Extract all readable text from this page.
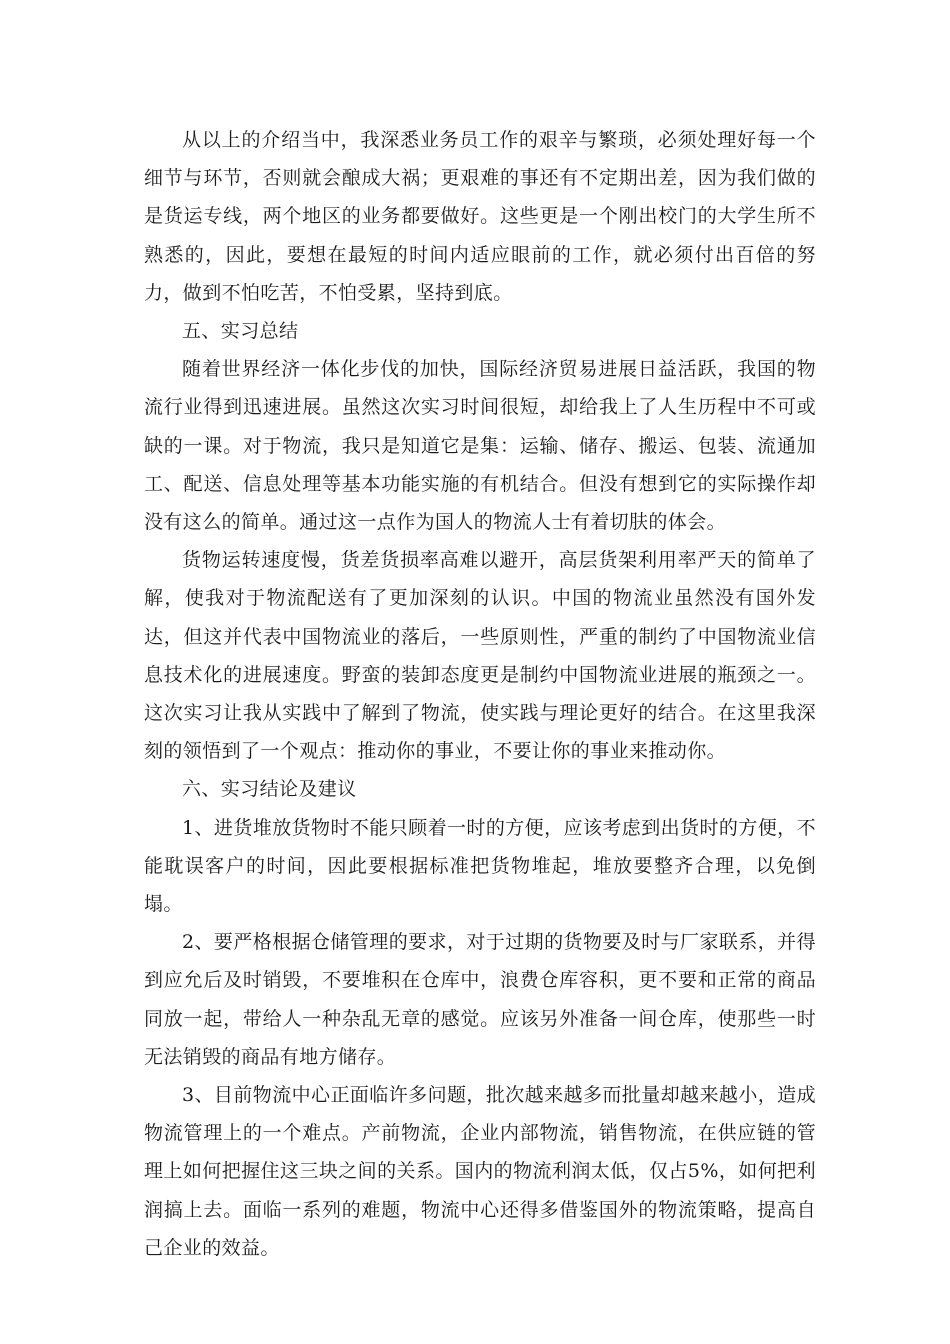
从以上的介绍当中，我深悉业务员工作的艰辛与繁琐，必须处理好每一个细节与环节，否则就会酿成大祸；更艰难的事还有不定期出差，因为我们做的是货运专线，两个地区的业务都要做好。这些更是一个刚出校门的大学生所不熟悉的，因此，要想在最短的时间内适应眼前的工作，就必须付出百倍的努力，做到不怕吃苦，不怕受累，坚持到底。

五、实习总结

随着世界经济一体化步伐的加快，国际经济贸易进展日益活跃，我国的物流行业得到迅速进展。虽然这次实习时间很短，却给我上了人生历程中不可或缺的一课。对于物流，我只是知道它是集：运输、储存、搬运、包装、流通加工、配送、信息处理等基本功能实施的有机结合。但没有想到它的实际操作却没有这么的简单。通过这一点作为国人的物流人士有着切肤的体会。

货物运转速度慢，货差货损率高难以避开，高层货架利用率严天的简单了解，使我对于物流配送有了更加深刻的认识。中国的物流业虽然没有国外发达，但这并代表中国物流业的落后，一些原则性，严重的制约了中国物流业信息技术化的进展速度。野蛮的装卸态度更是制约中国物流业进展的瓶颈之一。这次实习让我从实践中了解到了物流，使实践与理论更好的结合。在这里我深刻的领悟到了一个观点：推动你的事业，不要让你的事业来推动你。

六、实习结论及建议

1、进货堆放货物时不能只顾着一时的方便，应该考虑到出货时的方便，不能耽误客户的时间，因此要根据标准把货物堆起，堆放要整齐合理，以免倒塌。

2、要严格根据仓储管理的要求，对于过期的货物要及时与厂家联系，并得到应允后及时销毁，不要堆积在仓库中，浪费仓库容积，更不要和正常的商品同放一起，带给人一种杂乱无章的感觉。应该另外准备一间仓库，使那些一时无法销毁的商品有地方储存。

3、目前物流中心正面临许多问题，批次越来越多而批量却越来越小，造成物流管理上的一个难点。产前物流，企业内部物流，销售物流，在供应链的管理上如何把握住这三块之间的关系。国内的物流利润太低，仅占5%，如何把利润搞上去。面临一系列的难题，物流中心还得多借鉴国外的物流策略，提高自己企业的效益。
